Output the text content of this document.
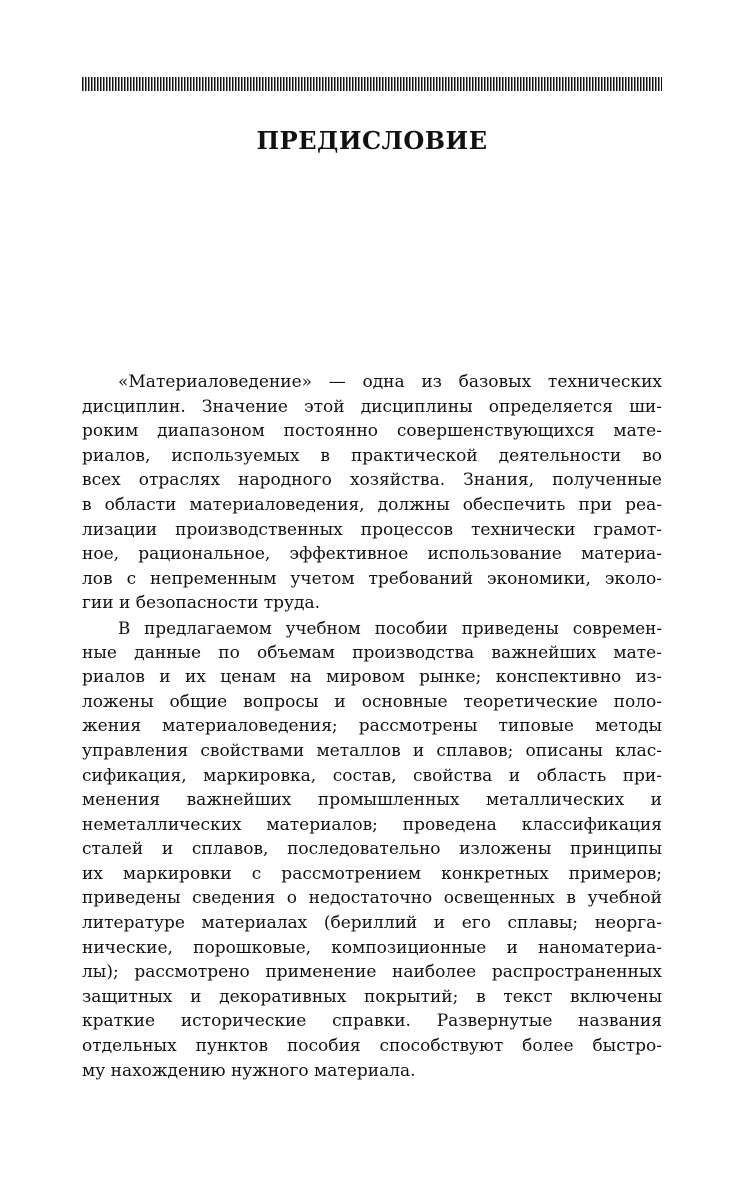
ПРЕДИСЛОВИЕ
«Материаловедение» — одна из базовых технических
дисциплин. Значение этой дисциплины определяется ши-
роким диапазоном постоянно совершенствующихся мате-
риалов, используемых в практической деятельности во
всех отраслях народного хозяйства. Знания, полученные
в области материаловедения, должны обеспечить при реа-
лизации производственных процессов технически грамот-
ное, рациональное, эффективное использование материа-
лов с непременным учетом требований экономики, эколо-
гии и безопасности труда.
В предлагаемом учебном пособии приведены современ-
ные данные по объемам производства важнейших мате-
риалов и их ценам на мировом рынке; конспективно из-
ложены общие вопросы и основные теоретические поло-
жения материаловедения; рассмотрены типовые методы
управления свойствами металлов и сплавов; описаны клас-
сификация, маркировка, состав, свойства и область при-
менения важнейших промышленных металлических и
неметаллических материалов; проведена классификация
сталей и сплавов, последовательно изложены принципы
их маркировки с рассмотрением конкретных примеров;
приведены сведения о недостаточно освещенных в учебной
литературе материалах (бериллий и его сплавы; неорга-
нические, порошковые, композиционные и наноматериа-
лы); рассмотрено применение наиболее распространенных
защитных и декоративных покрытий; в текст включены
краткие исторические справки. Развернутые названия
отдельных пунктов пособия способствуют более быстро-
му нахождению нужного материала.
